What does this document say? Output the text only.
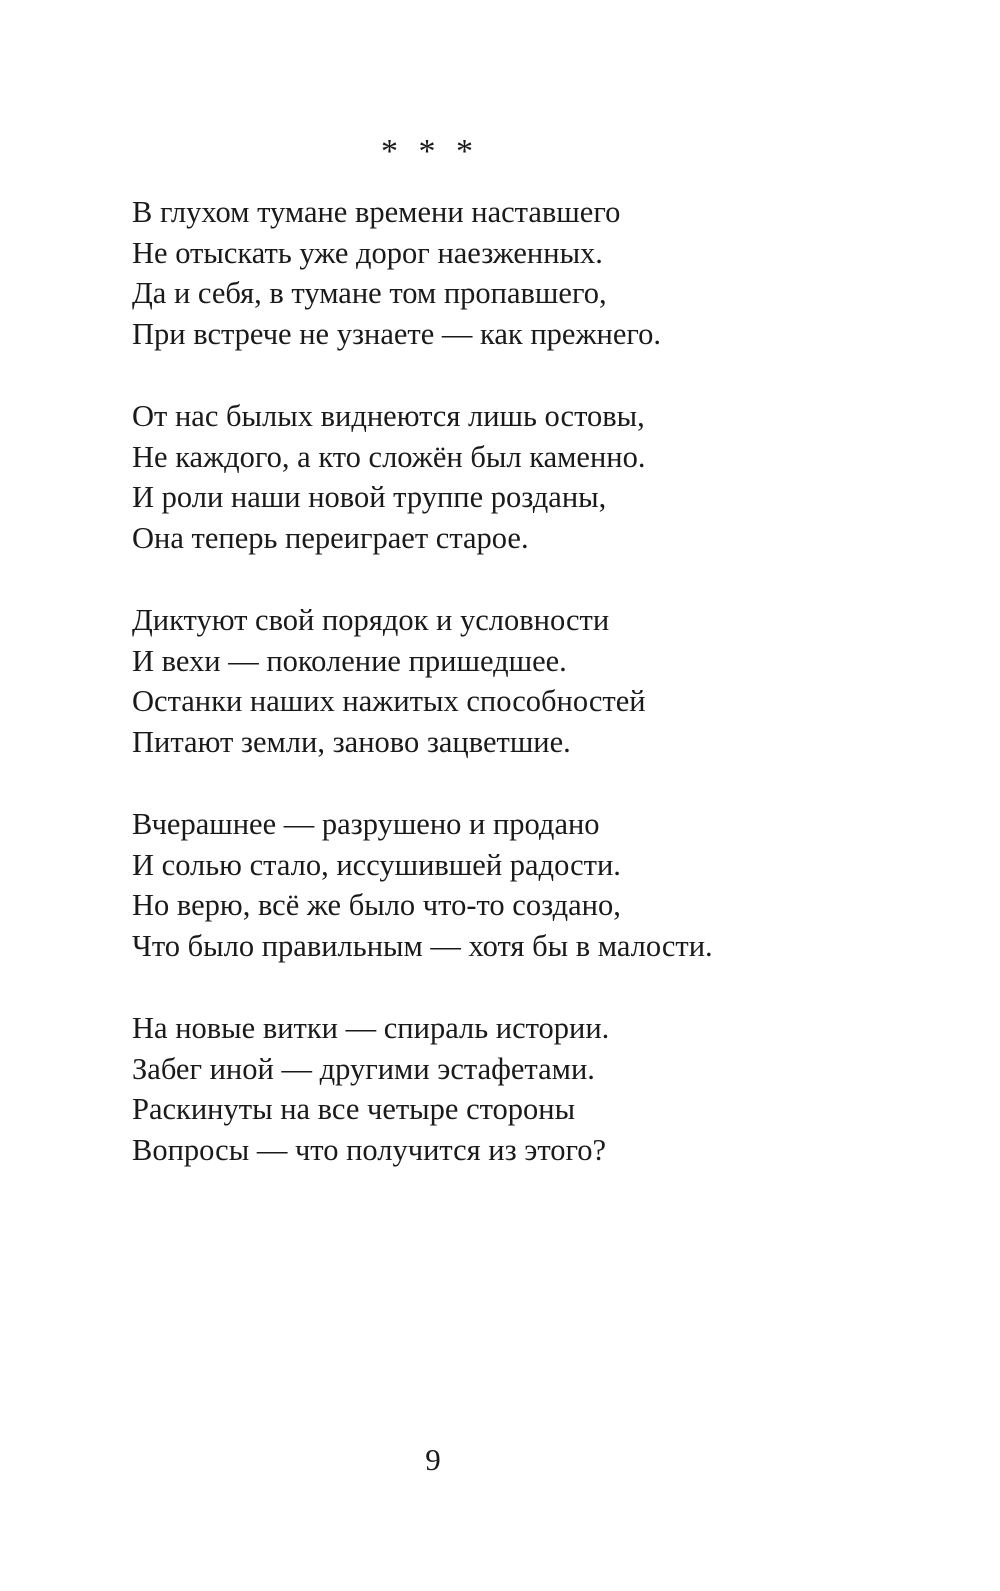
* * *
В глухом тумане времени наставшего
Не отыскать уже дорог наезженных.
Да и себя, в тумане том пропавшего,
При встрече не узнаете — как прежнего.
От нас былых виднеются лишь остовы,
Не каждого, а кто сложён был каменно.
И роли наши новой труппе розданы,
Она теперь переиграет старое.
Диктуют свой порядок и условности
И вехи — поколение пришедшее.
Останки наших нажитых способностей
Питают земли, заново зацветшие.
Вчерашнее — разрушено и продано
И солью стало, иссушившей радости.
Но верю, всё же было что-то создано,
Что было правильным — хотя бы в малости.
На новые витки — спираль истории.
Забег иной — другими эстафетами.
Раскинуты на все четыре стороны
Вопросы — что получится из этого?
9
